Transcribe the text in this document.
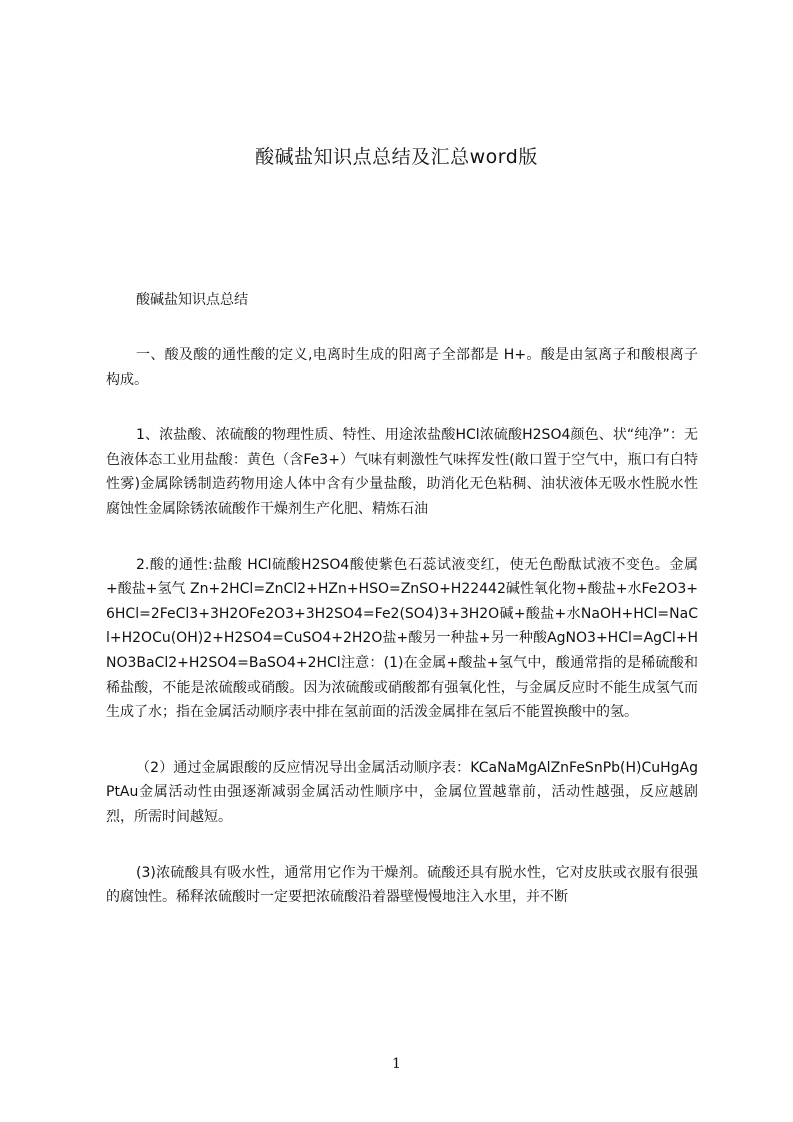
酸碱盐知识点总结及汇总word版
酸碱盐知识点总结
一、酸及酸的通性酸的定义,电离时生成的阳离子全部都是 H+。酸是由氢离子和酸根离子构成。
1、浓盐酸、浓硫酸的物理性质、特性、用途浓盐酸HCl浓硫酸H2SO4颜色、状“纯净”：无色液体态工业用盐酸：黄色（含Fe3+）气味有刺激性气味挥发性(敞口置于空气中，瓶口有白特性雾)金属除锈制造药物用途人体中含有少量盐酸，助消化无色粘稠、油状液体无吸水性脱水性腐蚀性金属除锈浓硫酸作干燥剂生产化肥、精炼石油
2.酸的通性:盐酸 HCl硫酸H2SO4酸使紫色石蕊试液变红，使无色酚酞试液不变色。金属+酸盐+氢气 Zn+2HCl=ZnCl2+HZn+HSO=ZnSO+H22442碱性氧化物+酸盐+水Fe2O3+6HCl=2FeCl3+3H2OFe2O3+3H2SO4=Fe2(SO4)3+3H2O碱+酸盐+水NaOH+HCl=NaCl+H2OCu(OH)2+H2SO4=CuSO4+2H2O盐+酸另一种盐+另一种酸AgNO3+HCl=AgCl+HNO3BaCl2+H2SO4=BaSO4+2HCl注意：(1)在金属+酸盐+氢气中，酸通常指的是稀硫酸和稀盐酸，不能是浓硫酸或硝酸。因为浓硫酸或硝酸都有强氧化性，与金属反应时不能生成氢气而生成了水；指在金属活动顺序表中排在氢前面的活泼金属排在氢后不能置换酸中的氢。
（2）通过金属跟酸的反应情况导出金属活动顺序表：KCaNaMgAlZnFeSnPb(H)CuHgAgPtAu金属活动性由强逐渐减弱金属活动性顺序中，金属位置越靠前，活动性越强，反应越剧烈，所需时间越短。
(3)浓硫酸具有吸水性，通常用它作为干燥剂。硫酸还具有脱水性，它对皮肤或衣服有很强的腐蚀性。稀释浓硫酸时一定要把浓硫酸沿着器壁慢慢地注入水里，并不断
1
